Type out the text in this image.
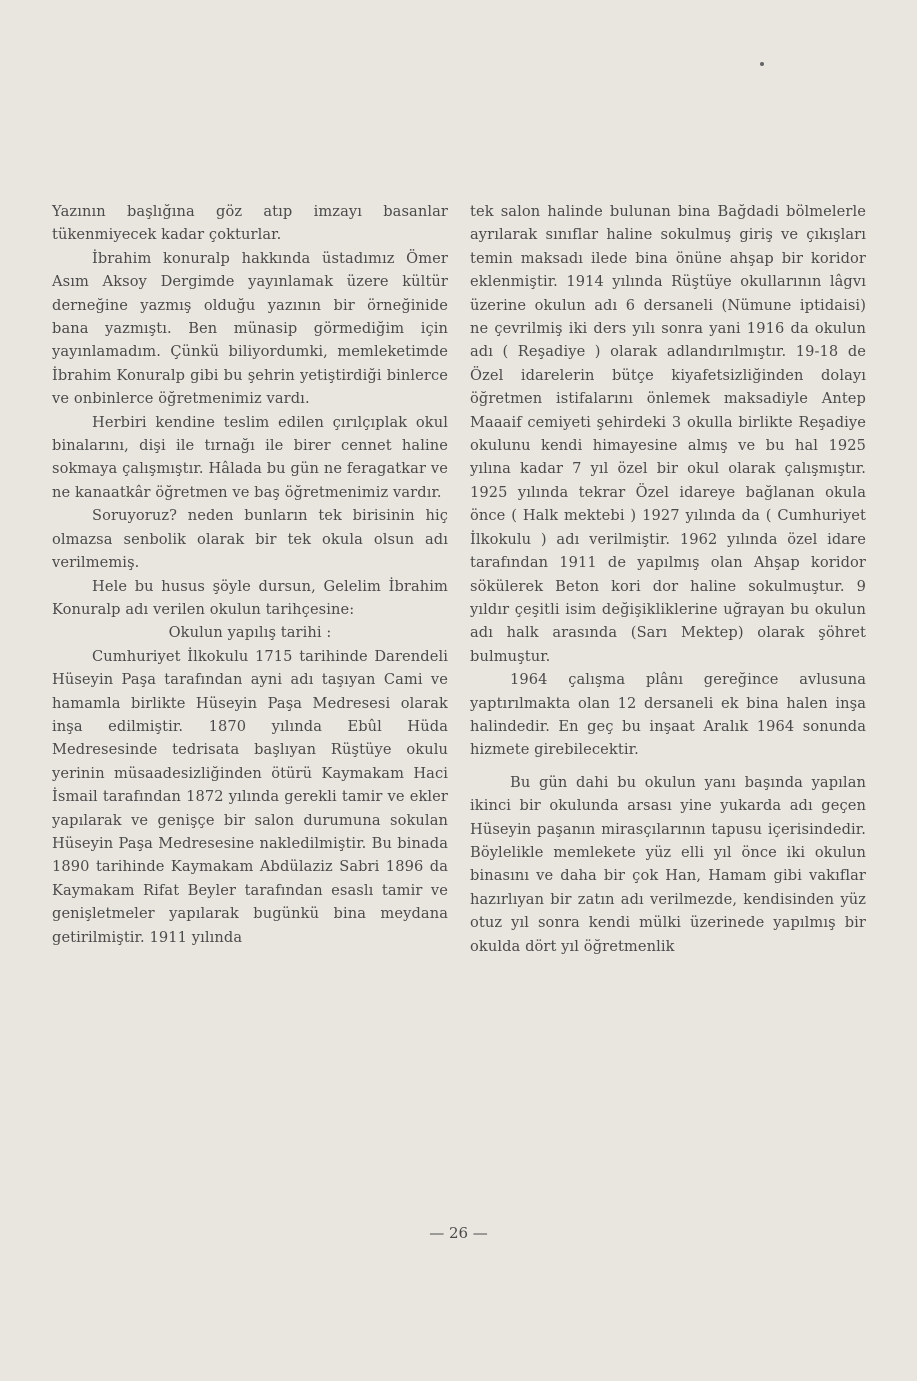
Yazının başlığına göz atıp imzayı basanlar tükenmiyecek kadar çokturlar.

İbrahim konuralp hakkında üstadımız Ömer Asım Aksoy Dergimde yayınlamak üzere kültür derneğine yazmış olduğu yazının bir örneğinide bana yazmıştı. Ben münasip görmediğim için yayınlamadım. Çünkü biliyordumki, memleketimde İbrahim Konuralp gibi bu şehrin yetiştirdiği binlerce ve onbinlerce öğretmenimiz vardı.

Herbiri kendine teslim edilen çırılçıplak okul binalarını, dişi ile tırnağı ile birer cennet haline sokmaya çalışmıştır. Hâlada bu gün ne feragatkar ve ne kanaatkâr öğretmen ve baş öğretmenimiz vardır.

Soruyoruz? neden bunların tek birisinin hiç olmazsa senbolik olarak bir tek okula olsun adı verilmemiş.

Hele bu husus şöyle dursun, Gelelim İbrahim Konuralp adı verilen okulun tarihçesine:

Okulun yapılış tarihi :

Cumhuriyet İlkokulu 1715 tarihinde Darendeli Hüseyin Paşa tarafından ayni adı taşıyan Cami ve hamamla birlikte Hüseyin Paşa Medresesi olarak inşa edilmiştir. 1870 yılında Ebûl Hüda Medresesinde tedrisata başlıyan Rüştüye okulu yerinin müsaadesizliğinden ötürü Kaymakam Haci İsmail tarafından 1872 yılında gerekli tamir ve ekler yapılarak ve genişçe bir salon durumuna sokulan Hüseyin Paşa Medresesine nakledilmiştir. Bu binada 1890 tarihinde Kaymakam Abdülaziz Sabri 1896 da Kaymakam Rifat Beyler tarafından esaslı tamir ve genişletmeler yapılarak bugünkü bina meydana getirilmiştir. 1911 yılında

tek salon halinde bulunan bina Bağdadi bölmelerle ayrılarak sınıflar haline sokulmuş giriş ve çıkışları temin maksadı ilede bina önüne ahşap bir koridor eklenmiştir. 1914 yılında Rüştüye okullarının lâgvı üzerine okulun adı 6 dersaneli (Nümune iptidaisi) ne çevrilmiş iki ders yılı sonra yani 1916 da okulun adı ( Reşadiye ) olarak adlandırılmıştır. 19-18 de Özel idarelerin bütçe kiyafetsizliğinden dolayı öğretmen istifalarını önlemek maksadiyle Antep Maaaif cemiyeti şehirdeki 3 okulla birlikte Reşadiye okulunu kendi himayesine almış ve bu hal 1925 yılına kadar 7 yıl özel bir okul olarak çalışmıştır. 1925 yılında tekrar Özel idareye bağlanan okula önce ( Halk mektebi ) 1927 yılında da ( Cumhuriyet İlkokulu ) adı verilmiştir. 1962 yılında özel idare tarafından 1911 de yapılmış olan Ahşap koridor sökülerek Beton kori dor haline sokulmuştur. 9 yıldır çeşitli isim değişikliklerine uğrayan bu okulun adı halk arasında (Sarı Mektep) olarak şöhret bulmuştur.

1964 çalışma plânı gereğince avlusuna yaptırılmakta olan 12 dersaneli ek bina halen inşa halindedir. En geç bu inşaat Aralık 1964 sonunda hizmete girebilecektir.

Bu gün dahi bu okulun yanı başında yapılan ikinci bir okulunda arsası yine yukarda adı geçen Hüseyin paşanın mirasçılarının tapusu içerisindedir. Böylelikle memlekete yüz elli yıl önce iki okulun binasını ve daha bir çok Han, Hamam gibi vakıflar hazırlıyan bir zatın adı verilmezde, kendisinden yüz otuz yıl sonra kendi mülki üzerinede yapılmış bir okulda dört yıl öğretmenlik

— 26 —
